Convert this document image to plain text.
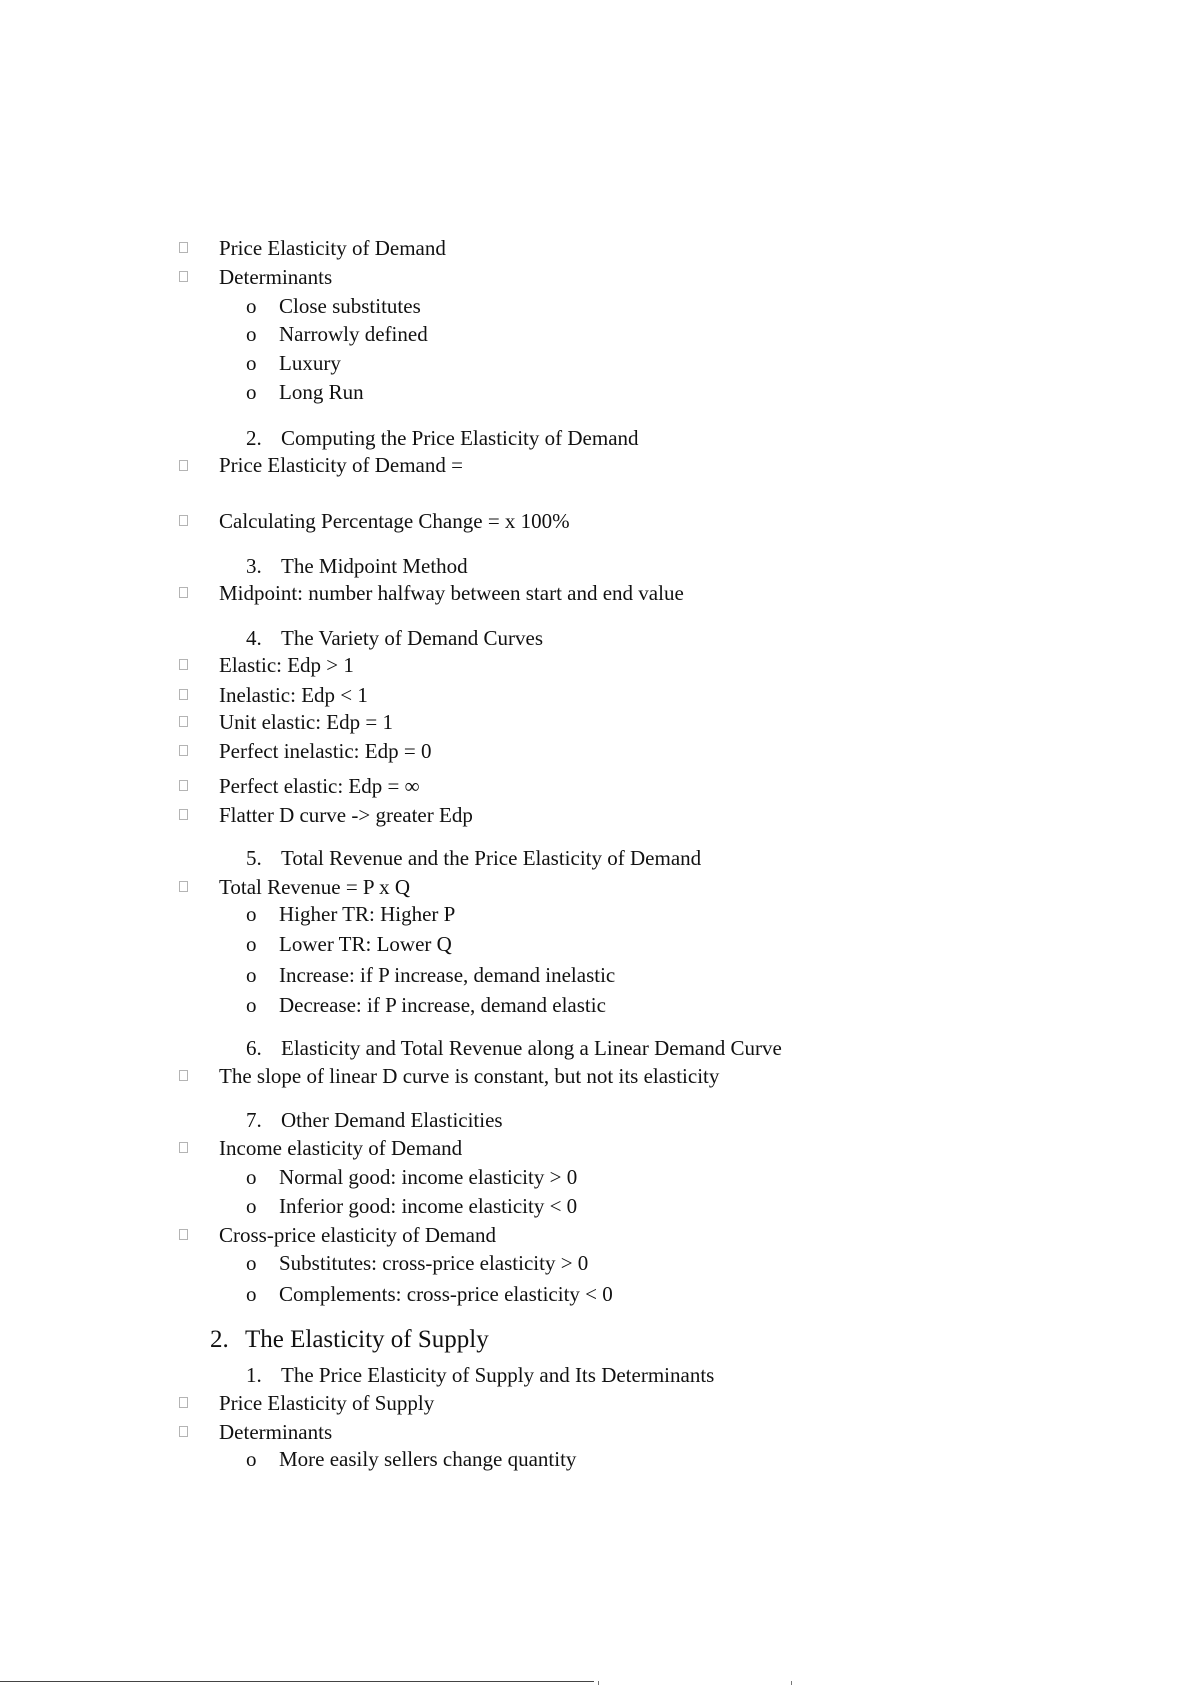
Price Elasticity of Demand
Determinants
o Close substitutes
o Narrowly defined
o Luxury
o Long Run
2. Computing the Price Elasticity of Demand
Price Elasticity of Demand =
Calculating Percentage Change = x 100%
3. The Midpoint Method
Midpoint: number halfway between start and end value
4. The Variety of Demand Curves
Elastic: Edp > 1
Inelastic: Edp < 1
Unit elastic: Edp = 1
Perfect inelastic: Edp = 0
Perfect elastic: Edp = ∞
Flatter D curve -> greater Edp
5. Total Revenue and the Price Elasticity of Demand
Total Revenue = P x Q
o Higher TR: Higher P
o Lower TR: Lower Q
o Increase: if P increase, demand inelastic
o Decrease: if P increase, demand elastic
6. Elasticity and Total Revenue along a Linear Demand Curve
The slope of linear D curve is constant, but not its elasticity
7. Other Demand Elasticities
Income elasticity of Demand
o Normal good: income elasticity > 0
o Inferior good: income elasticity < 0
Cross-price elasticity of Demand
o Substitutes: cross-price elasticity > 0
o Complements: cross-price elasticity < 0
2. The Elasticity of Supply
1. The Price Elasticity of Supply and Its Determinants
Price Elasticity of Supply
Determinants
o More easily sellers change quantity
